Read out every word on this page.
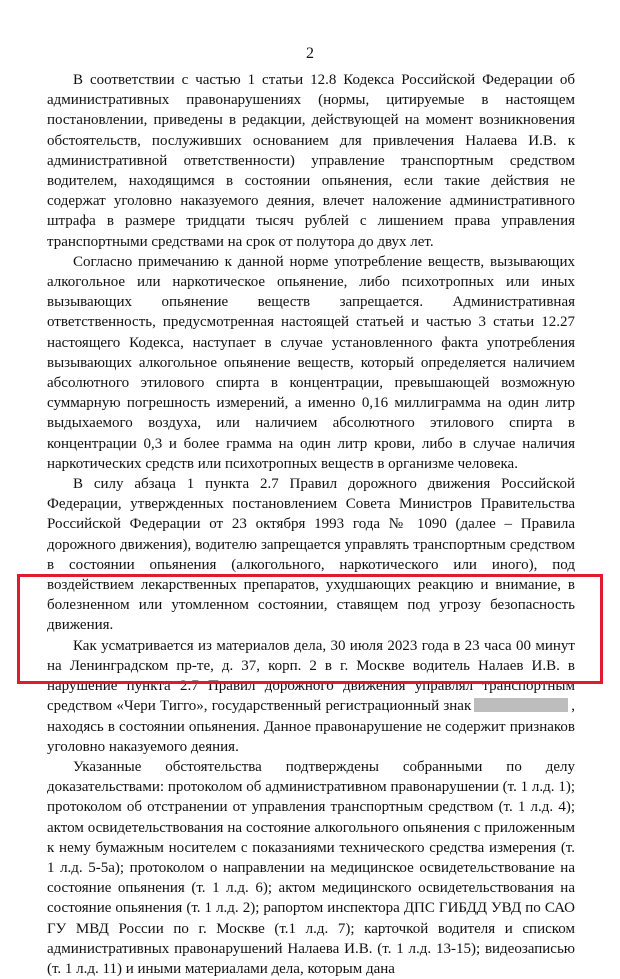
2

В соответствии с частью 1 статьи 12.8 Кодекса Российской Федерации об административных правонарушениях (нормы, цитируемые в настоящем постановлении, приведены в редакции, действующей на момент возникновения обстоятельств, послуживших основанием для привлечения Налаева И.В. к административной ответственности) управление транспортным средством водителем, находящимся в состоянии опьянения, если такие действия не содержат уголовно наказуемого деяния, влечет наложение административного штрафа в размере тридцати тысяч рублей с лишением права управления транспортными средствами на срок от полутора до двух лет.

Согласно примечанию к данной норме употребление веществ, вызывающих алкогольное или наркотическое опьянение, либо психотропных или иных вызывающих опьянение веществ запрещается. Административная ответственность, предусмотренная настоящей статьей и частью 3 статьи 12.27 настоящего Кодекса, наступает в случае установленного факта употребления вызывающих алкогольное опьянение веществ, который определяется наличием абсолютного этилового спирта в концентрации, превышающей возможную суммарную погрешность измерений, а именно 0,16 миллиграмма на один литр выдыхаемого воздуха, или наличием абсолютного этилового спирта в концентрации 0,3 и более грамма на один литр крови, либо в случае наличия наркотических средств или психотропных веществ в организме человека.

В силу абзаца 1 пункта 2.7 Правил дорожного движения Российской Федерации, утвержденных постановлением Совета Министров Правительства Российской Федерации от 23 октября 1993 года № 1090 (далее – Правила дорожного движения), водителю запрещается управлять транспортным средством в состоянии опьянения (алкогольного, наркотического или иного), под воздействием лекарственных препаратов, ухудшающих реакцию и внимание, в болезненном или утомленном состоянии, ставящем под угрозу безопасность движения.

Как усматривается из материалов дела, 30 июля 2023 года в 23 часа 00 минут на Ленинградском пр-те, д. 37, корп. 2 в г. Москве водитель Налаев И.В. в нарушение пункта 2.7 Правил дорожного движения управлял транспортным средством «Чери Тигго», государственный регистрационный знак	, находясь в состоянии опьянения. Данное правонарушение не содержит признаков уголовно наказуемого деяния.

Указанные обстоятельства подтверждены собранными по делу доказательствами: протоколом об административном правонарушении (т. 1 л.д. 1); протоколом об отстранении от управления транспортным средством (т. 1 л.д. 4); актом освидетельствования на состояние алкогольного опьянения с приложенным к нему бумажным носителем с показаниями технического средства измерения (т. 1 л.д. 5-5а); протоколом о направлении на медицинское освидетельствование на состояние опьянения (т. 1 л.д. 6); актом медицинского освидетельствования на состояние опьянения (т. 1 л.д. 2); рапортом инспектора ДПС ГИБДД УВД по САО ГУ МВД России по г. Москве (т.1 л.д. 7); карточкой водителя и списком административных правонарушений Налаева И.В. (т. 1 л.д. 13-15); видеозаписью (т. 1 л.д. 11) и иными материалами дела, которым дана
